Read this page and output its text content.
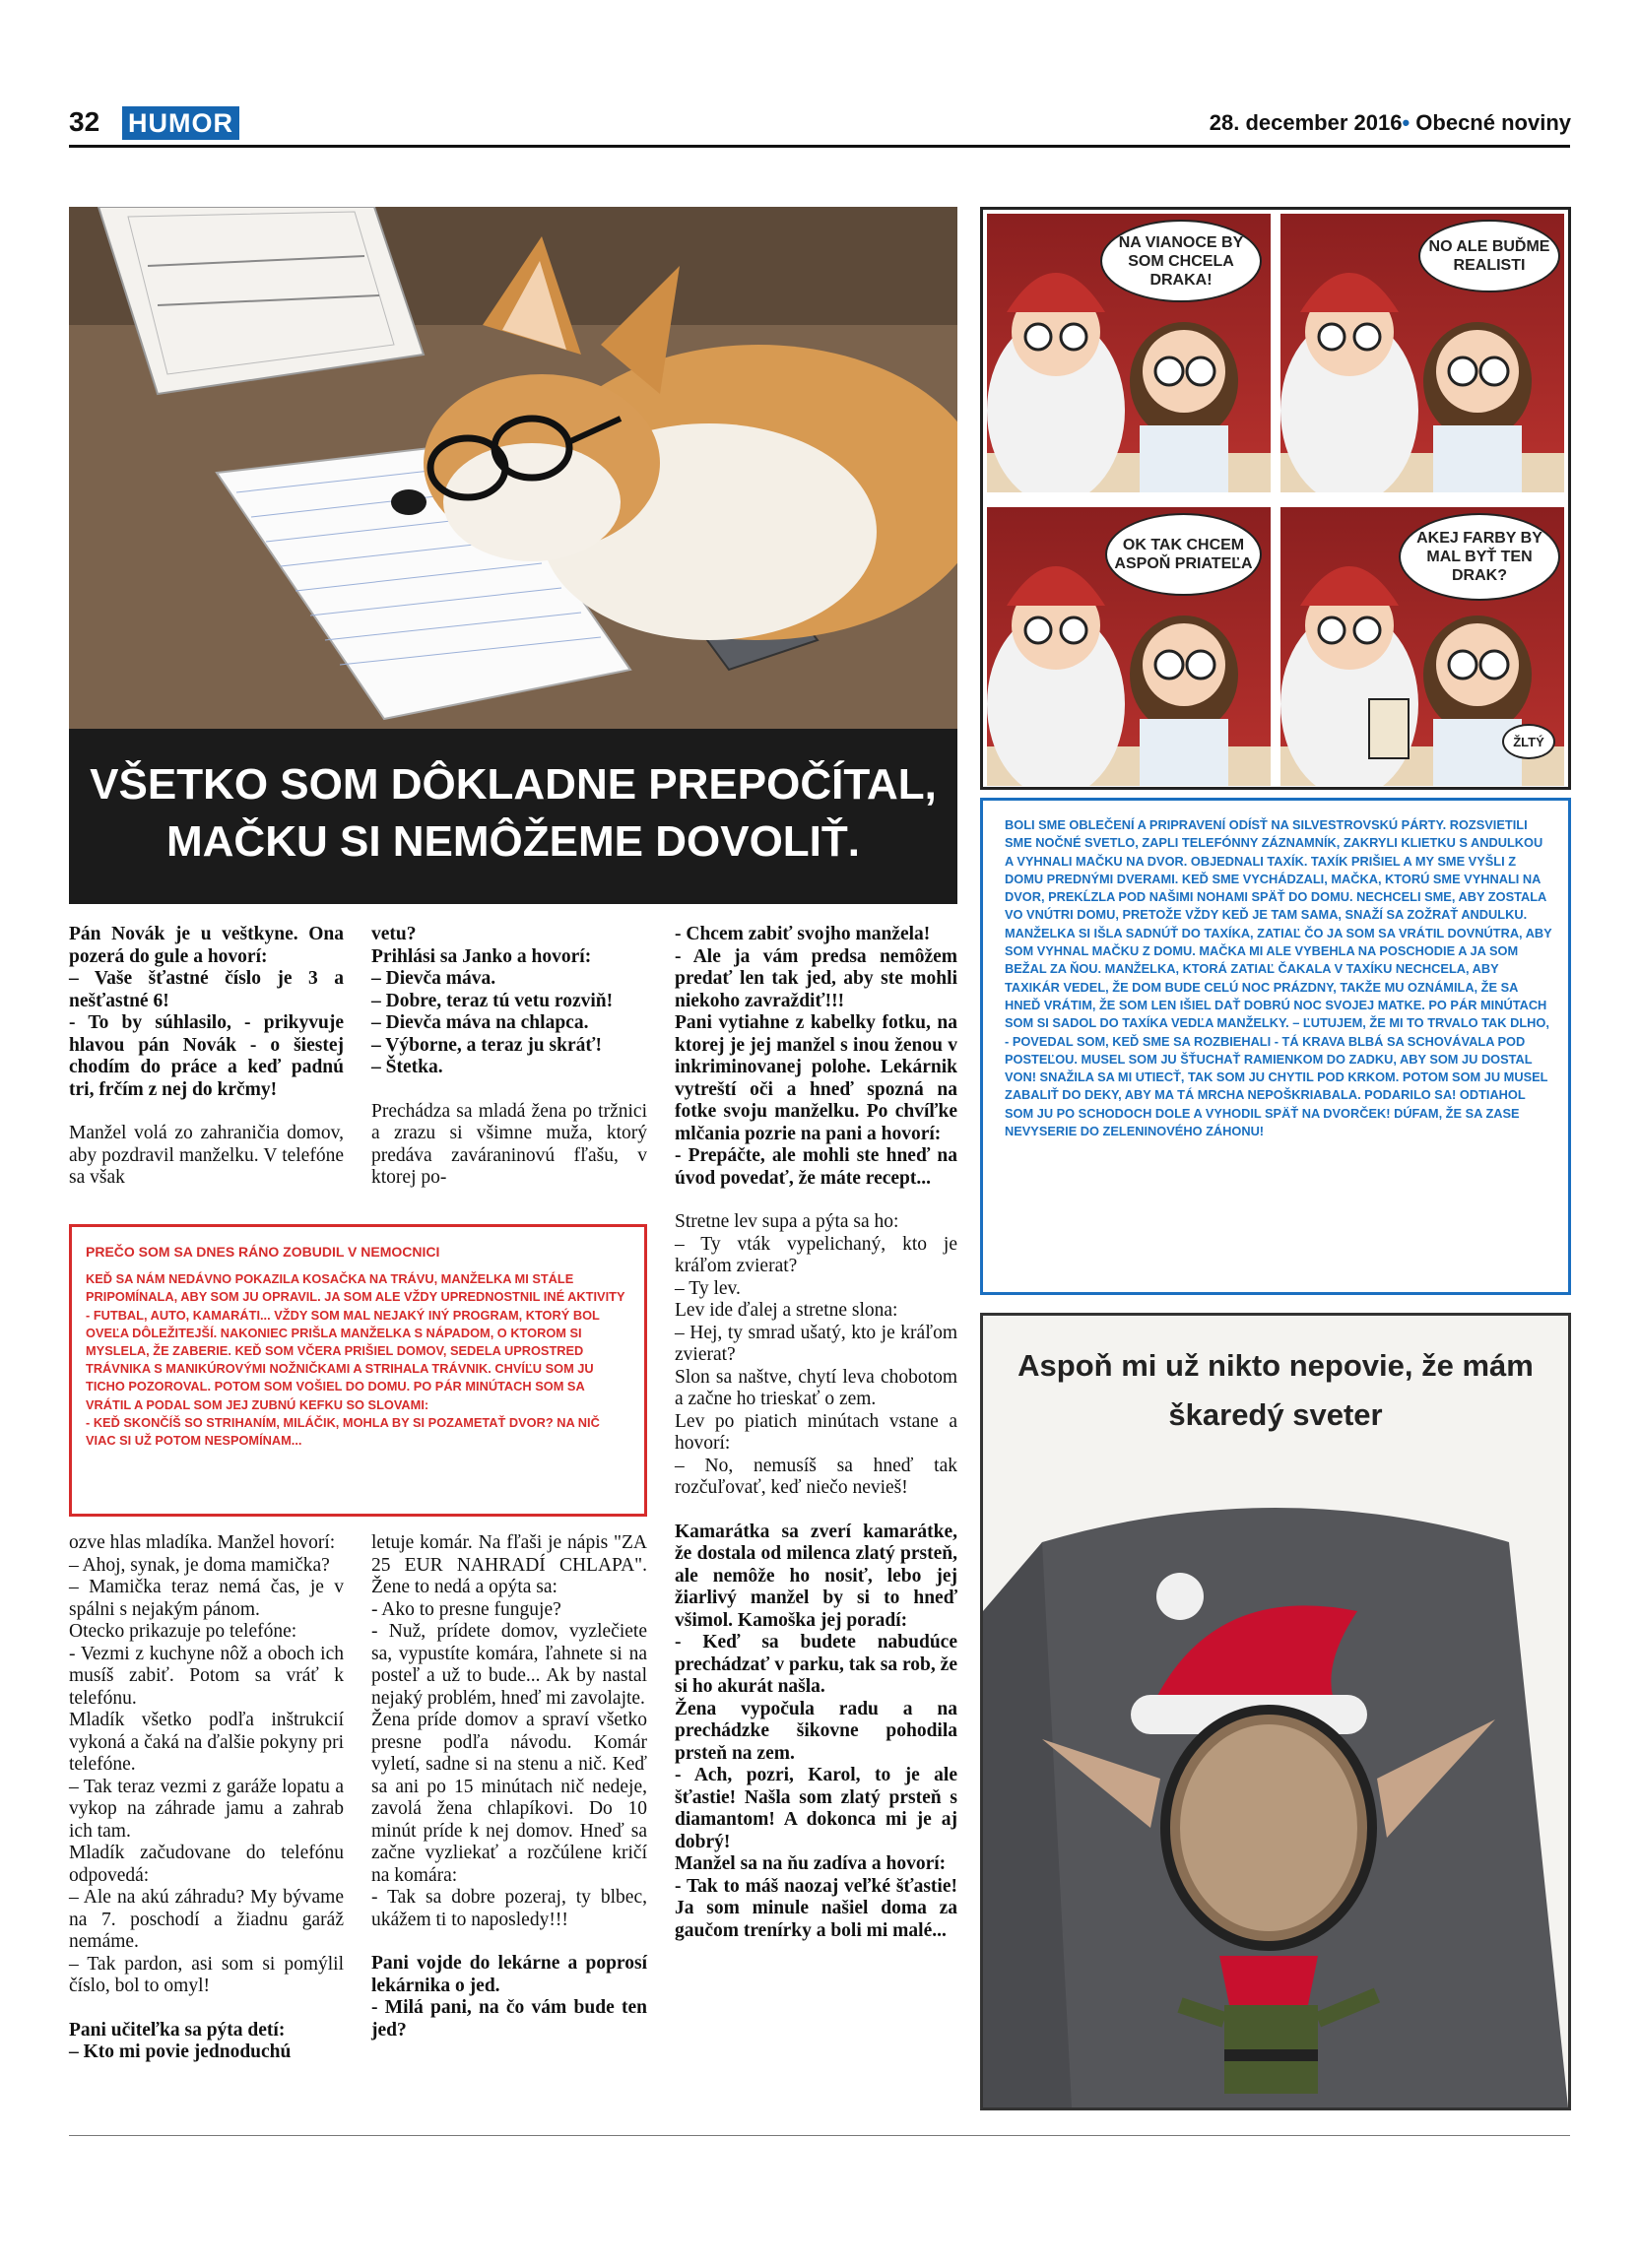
32 HUMOR	28. december 2016• Obecné noviny
VŠETKO SOM DÔKLADNE PREPOČÍTAL,
MAČKU SI NEMÔŽEME DOVOLIŤ.
NA VIANOCE BY SOM CHCELA DRAKA!
NO ALE BUĎME REALISTI
OK TAK CHCEM ASPOŇ PRIATEĽA
AKEJ FARBY BY MAL BYŤ TEN DRAK?
ŽLTÝ
BOLI SME OBLEČENÍ A PRIPRAVENÍ ODÍSŤ NA SILVESTROVSKÚ PÁRTY. ROZSVIETILI SME NOČNÉ SVETLO, ZAPLI TELEFÓNNY ZÁZNAMNÍK, ZAKRYLI KLIETKU S ANDULKOU A VYHNALI MAČKU NA DVOR. OBJEDNALI TAXÍK. TAXÍK PRIŠIEL A MY SME VYŠLI Z DOMU PREDNÝMI DVERAMI. KEĎ SME VYCHÁDZALI, MAČKA, KTORÚ SME VYHNALI NA DVOR, PREKĹZLA POD NAŠIMI NOHAMI SPÄŤ DO DOMU. NECHCELI SME, ABY ZOSTALA VO VNÚTRI DOMU, PRETOŽE VŽDY KEĎ JE TAM SAMA, SNAŽÍ SA ZOŽRAŤ ANDULKU. MANŽELKA SI IŠLA SADNÚŤ DO TAXÍKA, ZATIAĽ ČO JA SOM SA VRÁTIL DOVNÚTRA, ABY SOM VYHNAL MAČKU Z DOMU. MAČKA MI ALE VYBEHLA NA POSCHODIE A JA SOM BEŽAL ZA ŇOU. MANŽELKA, KTORÁ ZATIAĽ ČAKALA V TAXÍKU NECHCELA, ABY TAXIKÁR VEDEL, ŽE DOM BUDE CELÚ NOC PRÁZDNY, TAKŽE MU OZNÁMILA, ŽE SA HNEĎ VRÁTIM, ŽE SOM LEN IŠIEL DAŤ DOBRÚ NOC SVOJEJ MATKE. PO PÁR MINÚTACH SOM SI SADOL DO TAXÍKA VEDĽA MANŽELKY. – ĽUTUJEM, ŽE MI TO TRVALO TAK DLHO, - POVEDAL SOM, KEĎ SME SA ROZBIEHALI - TÁ KRAVA BLBÁ SA SCHOVÁVALA POD POSTEĽOU. MUSEL SOM JU ŠŤUCHAŤ RAMIENKOM DO ZADKU, ABY SOM JU DOSTAL VON! SNAŽILA SA MI UTIECŤ, TAK SOM JU CHYTIL POD KRKOM. POTOM SOM JU MUSEL ZABALIŤ DO DEKY, ABY MA TÁ MRCHA NEPOŠKRIABALA. PODARILO SA! ODTIAHOL SOM JU PO SCHODOCH DOLE A VYHODIL SPÄŤ NA DVORČEK! DÚFAM, ŽE SA ZASE NEVYSERIE DO ZELENINOVÉHO ZÁHONU!

Pán Novák je u veštkyne. Ona pozerá do gule a hovorí:

– Vaše šťastné číslo je 3 a nešťastné 6!

- To by súhlasilo, - prikyvuje hlavou pán Novák - o šiestej chodím do práce a keď padnú tri, frčím z nej do krčmy!

Manžel volá zo zahraničia domov, aby pozdravil manželku. V telefóne sa však

vetu?

Prihlási sa Janko a hovorí:

– Dievča máva.

– Dobre, teraz tú vetu rozviň!

– Dievča máva na chlapca.

– Výborne, a teraz ju skráť!

– Štetka.

Prechádza sa mladá žena po tržnici a zrazu si všimne muža, ktorý predáva zaváraninovú fľašu, v ktorej po-

PREČO SOM SA DNES RÁNO ZOBUDIL V NEMOCNICI
KEĎ SA NÁM NEDÁVNO POKAZILA KOSAČKA NA TRÁVU, MANŽELKA MI STÁLE PRIPOMÍNALA, ABY SOM JU OPRAVIL. JA SOM ALE VŽDY UPREDNOSTNIL INÉ AKTIVITY - FUTBAL, AUTO, KAMARÁTI... VŽDY SOM MAL NEJAKÝ INÝ PROGRAM, KTORÝ BOL OVEĽA DÔLEŽITEJŠÍ. NAKONIEC PRIŠLA MANŽELKA S NÁPADOM, O KTOROM SI MYSLELA, ŽE ZABERIE. KEĎ SOM VČERA PRIŠIEL DOMOV, SEDELA UPROSTRED TRÁVNIKA S MANIKÚROVÝMI NOŽNIČKAMI A STRIHALA TRÁVNIK. CHVÍĽU SOM JU TICHO POZOROVAL. POTOM SOM VOŠIEL DO DOMU. PO PÁR MINÚTACH SOM SA VRÁTIL A PODAL SOM JEJ ZUBNÚ KEFKU SO SLOVAMI:
- KEĎ SKONČÍŠ SO STRIHANÍM, MILÁČIK, MOHLA BY SI POZAMETAŤ DVOR? NA NIČ VIAC SI UŽ POTOM NESPOMÍNAM...

ozve hlas mladíka. Manžel hovorí:

– Ahoj, synak, je doma mamička?

– Mamička teraz nemá čas, je v spálni s nejakým pánom.

Otecko prikazuje po telefóne:

- Vezmi z kuchyne nôž a oboch ich musíš zabiť. Potom sa vráť k telefónu.

Mladík všetko podľa inštrukcií vykoná a čaká na ďalšie pokyny pri telefóne.

– Tak teraz vezmi z garáže lopatu a vykop na záhrade jamu a zahrab ich tam.

Mladík začudovane do telefónu odpovedá:

– Ale na akú záhradu? My bývame na 7. poschodí a žiadnu garáž nemáme.

– Tak pardon, asi som si pomýlil číslo, bol to omyl!

Pani učiteľka sa pýta detí:

– Kto mi povie jednoduchú

letuje komár. Na fľaši je nápis "ZA 25 EUR NAHRADÍ CHLAPA". Žene to nedá a opýta sa:

- Ako to presne funguje?

- Nuž, prídete domov, vyzlečiete sa, vypustíte komára, ľahnete si na posteľ a už to bude... Ak by nastal nejaký problém, hneď mi zavolajte.

Žena príde domov a spraví všetko presne podľa návodu. Komár vyletí, sadne si na stenu a nič. Keď sa ani po 15 minútach nič nedeje, zavolá žena chlapíkovi. Do 10 minút príde k nej domov. Hneď sa začne vyzliekať a rozčúlene kričí na komára:

- Tak sa dobre pozeraj, ty blbec, ukážem ti to naposledy!!!

Pani vojde do lekárne a poprosí lekárnika o jed.

- Milá pani, na čo vám bude ten jed?

- Chcem zabiť svojho manžela!

- Ale ja vám predsa nemôžem predať len tak jed, aby ste mohli niekoho zavraždiť!!!

Pani vytiahne z kabelky fotku, na ktorej je jej manžel s inou ženou v inkriminovanej polohe. Lekárnik vytreští oči a hneď spozná na fotke svoju manželku. Po chvíľke mlčania pozrie na pani a hovorí:

- Prepáčte, ale mohli ste hneď na úvod povedať, že máte recept...

Stretne lev supa a pýta sa ho:

– Ty vták vypelichaný, kto je kráľom zvierat?

– Ty lev.

Lev ide ďalej a stretne slona:

– Hej, ty smrad ušatý, kto je kráľom zvierat?

Slon sa naštve, chytí leva chobotom a začne ho trieskať o zem.

Lev po piatich minútach vstane a hovorí:

– No, nemusíš sa hneď tak rozčuľovať, keď niečo nevieš!

Kamarátka sa zverí kamarátke, že dostala od milenca zlatý prsteň, ale nemôže ho nosiť, lebo jej žiarlivý manžel by si to hneď všimol. Kamoška jej poradí:

- Keď sa budete nabudúce prechádzať v parku, tak sa rob, že si ho akurát našla.

Žena vypočula radu a na prechádzke šikovne pohodila prsteň na zem.

- Ach, pozri, Karol, to je ale šťastie! Našla som zlatý prsteň s diamantom! A dokonca mi je aj dobrý!

Manžel sa na ňu zadíva a hovorí:

- Tak to máš naozaj veľké šťastie! Ja som minule našiel doma za gaučom trenírky a boli mi malé...

Aspoň mi už nikto nepovie, že mám
škaredý sveter
